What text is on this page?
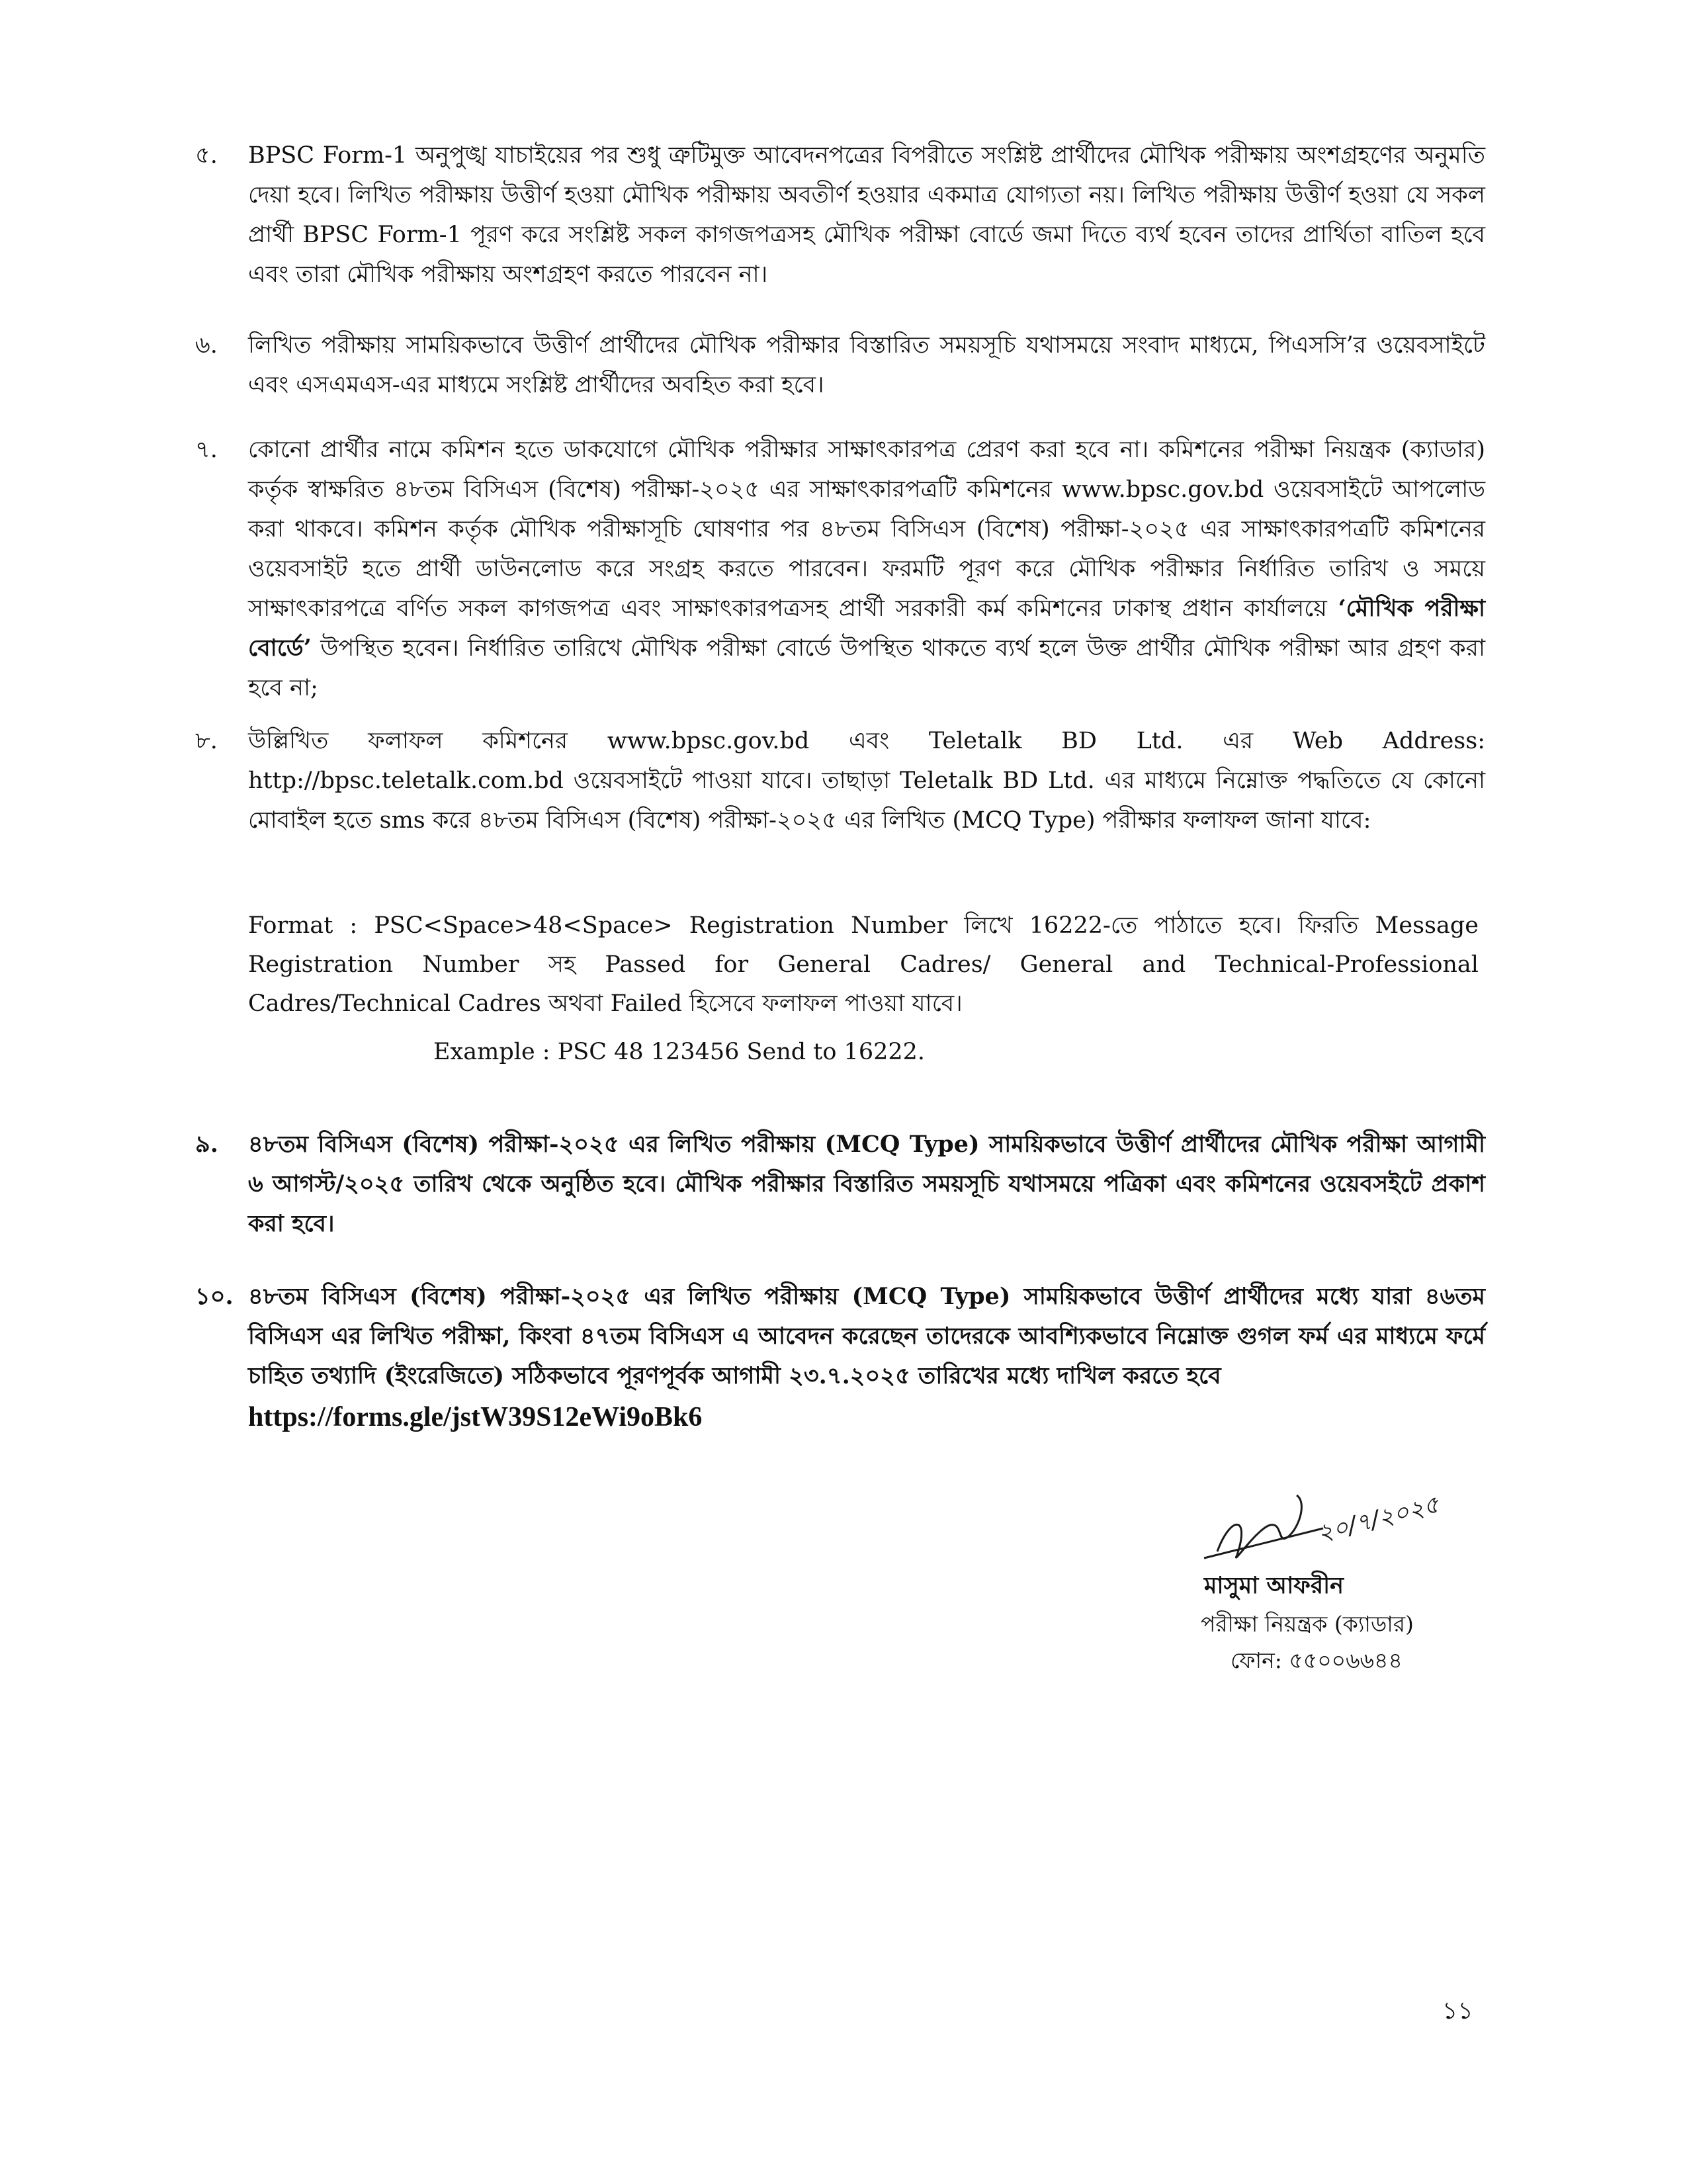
৫.	BPSC Form-1 অনুপুঙ্খ যাচাইয়ের পর শুধু ত্রুটিমুক্ত আবেদনপত্রের বিপরীতে সংশ্লিষ্ট প্রার্থীদের মৌখিক পরীক্ষায় অংশগ্রহণের অনুমতি দেয়া হবে। লিখিত পরীক্ষায় উত্তীর্ণ হওয়া মৌখিক পরীক্ষায় অবতীর্ণ হওয়ার একমাত্র যোগ্যতা নয়। লিখিত পরীক্ষায় উত্তীর্ণ হওয়া যে সকল প্রার্থী BPSC Form-1 পূরণ করে সংশ্লিষ্ট সকল কাগজপত্রসহ মৌখিক পরীক্ষা বোর্ডে জমা দিতে ব্যর্থ হবেন তাদের প্রার্থিতা বাতিল হবে এবং তারা মৌখিক পরীক্ষায় অংশগ্রহণ করতে পারবেন না।
৬.	লিখিত পরীক্ষায় সাময়িকভাবে উত্তীর্ণ প্রার্থীদের মৌখিক পরীক্ষার বিস্তারিত সময়সূচি যথাসময়ে সংবাদ মাধ্যমে, পিএসসি’র ওয়েবসাইটে এবং এসএমএস-এর মাধ্যমে সংশ্লিষ্ট প্রার্থীদের অবহিত করা হবে।
৭.	কোনো প্রার্থীর নামে কমিশন হতে ডাকযোগে মৌখিক পরীক্ষার সাক্ষাৎকারপত্র প্রেরণ করা হবে না। কমিশনের পরীক্ষা নিয়ন্ত্রক (ক্যাডার) কর্তৃক স্বাক্ষরিত ৪৮তম বিসিএস (বিশেষ) পরীক্ষা-২০২৫ এর সাক্ষাৎকারপত্রটি কমিশনের www.bpsc.gov.bd ওয়েবসাইটে আপলোড করা থাকবে। কমিশন কর্তৃক মৌখিক পরীক্ষাসূচি ঘোষণার পর ৪৮তম বিসিএস (বিশেষ) পরীক্ষা-২০২৫ এর সাক্ষাৎকারপত্রটি কমিশনের ওয়েবসাইট হতে প্রার্থী ডাউনলোড করে সংগ্রহ করতে পারবেন। ফরমটি পূরণ করে মৌখিক পরীক্ষার নির্ধারিত তারিখ ও সময়ে সাক্ষাৎকারপত্রে বর্ণিত সকল কাগজপত্র এবং সাক্ষাৎকারপত্রসহ প্রার্থী সরকারী কর্ম কমিশনের ঢাকাস্থ প্রধান কার্যালয়ে ‘মৌখিক পরীক্ষা বোর্ডে’ উপস্থিত হবেন। নির্ধারিত তারিখে মৌখিক পরীক্ষা বোর্ডে উপস্থিত থাকতে ব্যর্থ হলে উক্ত প্রার্থীর মৌখিক পরীক্ষা আর গ্রহণ করা হবে না;
৮.	উল্লিখিত ফলাফল কমিশনের www.bpsc.gov.bd এবং Teletalk BD Ltd. এর Web Address: http://bpsc.teletalk.com.bd ওয়েবসাইটে পাওয়া যাবে। তাছাড়া Teletalk BD Ltd. এর মাধ্যমে নিম্নোক্ত পদ্ধতিতে যে কোনো মোবাইল হতে sms করে ৪৮তম বিসিএস (বিশেষ) পরীক্ষা-২০২৫ এর লিখিত (MCQ Type) পরীক্ষার ফলাফল জানা যাবে:
Format : PSC<Space>48<Space> Registration Number লিখে 16222-তে পাঠাতে হবে। ফিরতি Message Registration Number সহ Passed for General Cadres/ General and Technical-Professional Cadres/Technical Cadres অথবা Failed হিসেবে ফলাফল পাওয়া যাবে।
Example : PSC 48 123456 Send to 16222.
৯.	৪৮তম বিসিএস (বিশেষ) পরীক্ষা-২০২৫ এর লিখিত পরীক্ষায় (MCQ Type) সাময়িকভাবে উত্তীর্ণ প্রার্থীদের মৌখিক পরীক্ষা আগামী ৬ আগস্ট/২০২৫ তারিখ থেকে অনুষ্ঠিত হবে। মৌখিক পরীক্ষার বিস্তারিত সময়সূচি যথাসময়ে পত্রিকা এবং কমিশনের ওয়েবসইটে প্রকাশ করা হবে।
১০. ৪৮তম বিসিএস (বিশেষ) পরীক্ষা-২০২৫ এর লিখিত পরীক্ষায় (MCQ Type) সাময়িকভাবে উত্তীর্ণ প্রার্থীদের মধ্যে যারা ৪৬তম বিসিএস এর লিখিত পরীক্ষা, কিংবা ৪৭তম বিসিএস এ আবেদন করেছেন তাদেরকে আবশ্যিকভাবে নিম্নোক্ত গুগল ফর্ম এর মাধ্যমে ফর্মে চাহিত তথ্যাদি (ইংরেজিতে) সঠিকভাবে পূরণপূর্বক আগামী ২৩.৭.২০২৫ তারিখের মধ্যে দাখিল করতে হবে
https://forms.gle/jstW39S12eWi9oBk6
২০/৭/২০২৫
মাসুমা আফরীন
পরীক্ষা নিয়ন্ত্রক (ক্যাডার)
ফোন: ৫৫০০৬৬৪৪
১১
